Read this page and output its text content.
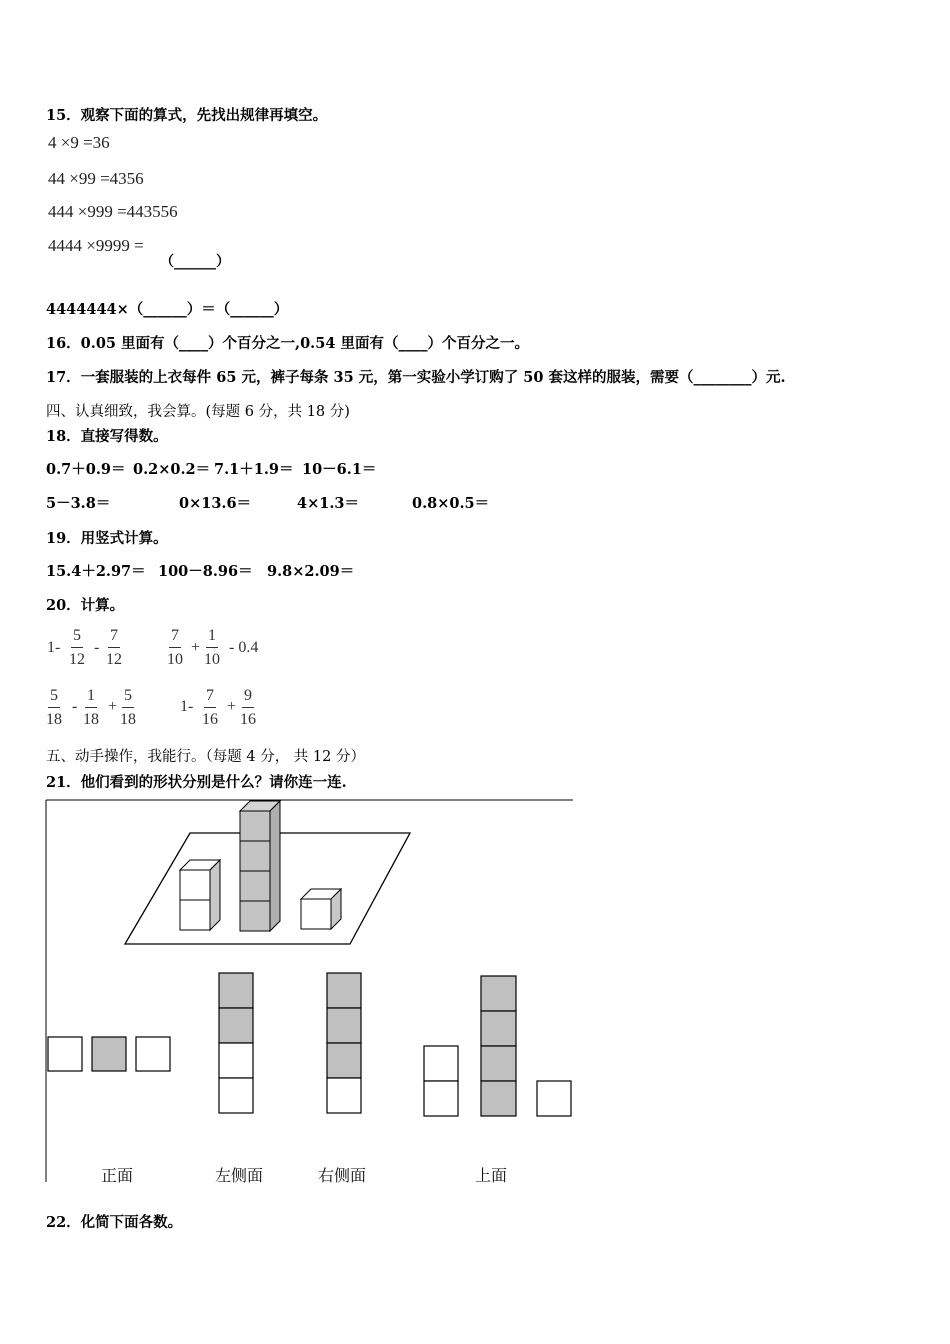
15．观察下面的算式，先找出规律再填空。
4 ×9 =36
44 ×99 =4356
444 ×999 =443556
4444 ×9999 =
（______）
4444444×（______）＝（______）
16．0.05 里面有（____）个百分之一,0.54 里面有（____）个百分之一。
17．一套服装的上衣每件 65 元，裤子每条 35 元，第一实验小学订购了 50 套这样的服装，需要（________）元.
四、认真细致，我会算。(每题 6 分，共 18 分)
18．直接写得数。
0.7＋0.9＝ 0.2×0.2＝ 7.1＋1.9＝ 10－6.1＝
5－3.8＝	0×13.6＝	4×1.3＝	0.8×0.5＝
19．用竖式计算。
15.4＋2.97＝ 100－8.96＝ 9.8×2.09＝
20．计算。
$1- \frac{5}{12} - \frac{7}{12}$	$\frac{7}{10} + \frac{1}{10} - 0.4$
$\frac{5}{18} - \frac{1}{18} + \frac{5}{18}$	$1- \frac{7}{16} + \frac{9}{16}$
五、动手操作，我能行。（每题 4 分， 共 12 分）
21．他们看到的形状分别是什么？请你连一连.
正面	左侧面	右侧面	上面
22．化简下面各数。
